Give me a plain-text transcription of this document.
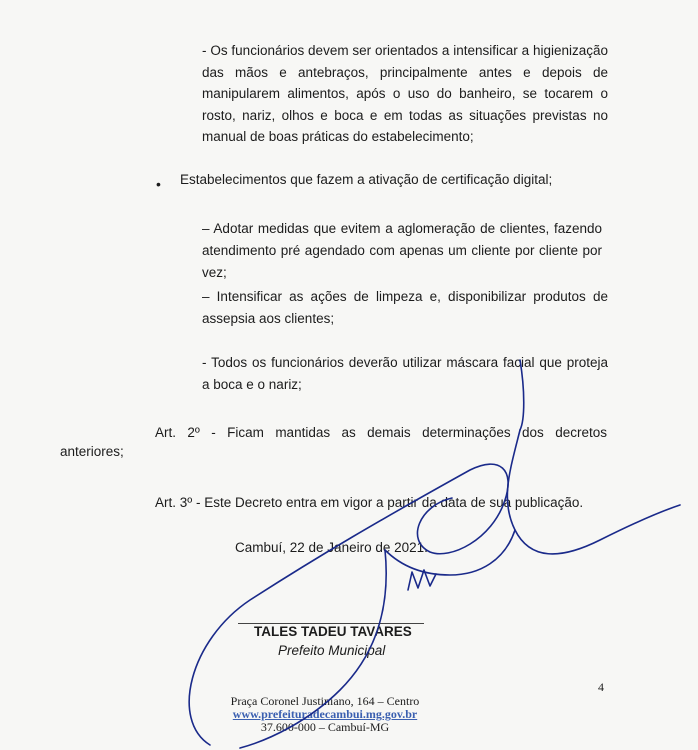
- Os funcionários devem ser orientados a intensificar a higienização das mãos e antebraços, principalmente antes e depois de manipularem alimentos, após o uso do banheiro, se tocarem o rosto, nariz, olhos e boca e em todas as situações previstas no manual de boas práticas do estabelecimento;
• Estabelecimentos que fazem a ativação de certificação digital;
– Adotar medidas que evitem a aglomeração de clientes, fazendo atendimento pré agendado com apenas um cliente por cliente por vez;
– Intensificar as ações de limpeza e, disponibilizar produtos de assepsia aos clientes;
- Todos os funcionários deverão utilizar máscara facial que proteja a boca e o nariz;
Art. 2º - Ficam mantidas as demais determinações dos decretos
anteriores;
Art. 3º - Este Decreto entra em vigor a partir da data de sua publicação.
Cambuí, 22 de Janeiro de 2021.
TALES TADEU TAVARES
Prefeito Municipal
4
Praça Coronel Justiniano, 164 – Centro
www.prefeituradecambui.mg.gov.br
37.600-000 – Cambuí-MG
